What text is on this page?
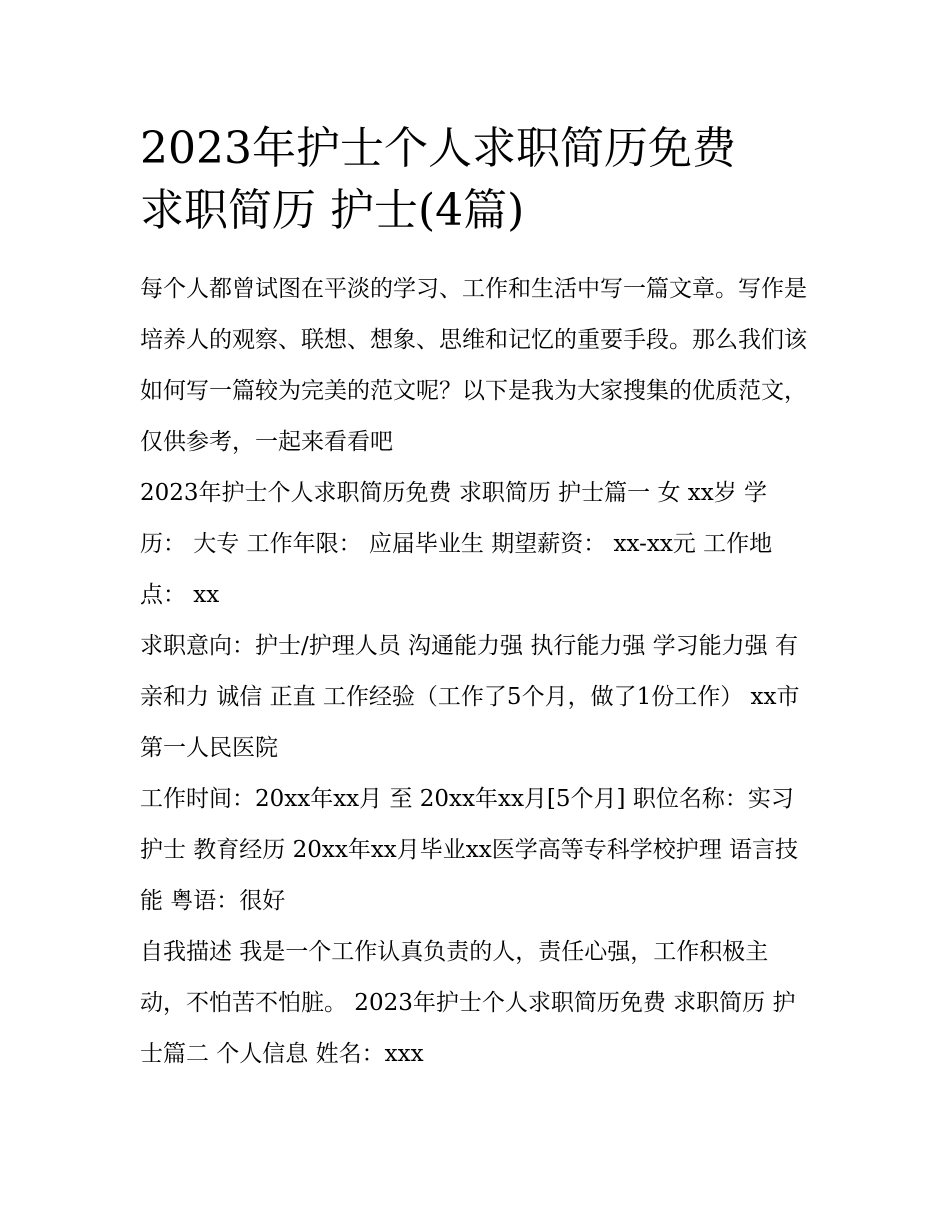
2023年护士个人求职简历免费
求职简历 护士(4篇)

每个人都曾试图在平淡的学习、工作和生活中写一篇文章。写作是培养人的观察、联想、想象、思维和记忆的重要手段。那么我们该如何写一篇较为完美的范文呢？以下是我为大家搜集的优质范文，仅供参考，一起来看看吧

2023年护士个人求职简历免费 求职简历 护士篇一 女 xx岁 学历： 大专 工作年限： 应届毕业生 期望薪资： xx-xx元 工作地点： xx

求职意向：护士/护理人员 沟通能力强 执行能力强 学习能力强 有亲和力 诚信 正直 工作经验（工作了5个月，做了1份工作） xx市第一人民医院

工作时间：20xx年xx月 至 20xx年xx月[5个月] 职位名称：实习护士 教育经历 20xx年xx月毕业xx医学高等专科学校护理 语言技能 粤语：很好

自我描述 我是一个工作认真负责的人，责任心强，工作积极主动，不怕苦不怕脏。 2023年护士个人求职简历免费 求职简历 护士篇二 个人信息 姓名：xxx
